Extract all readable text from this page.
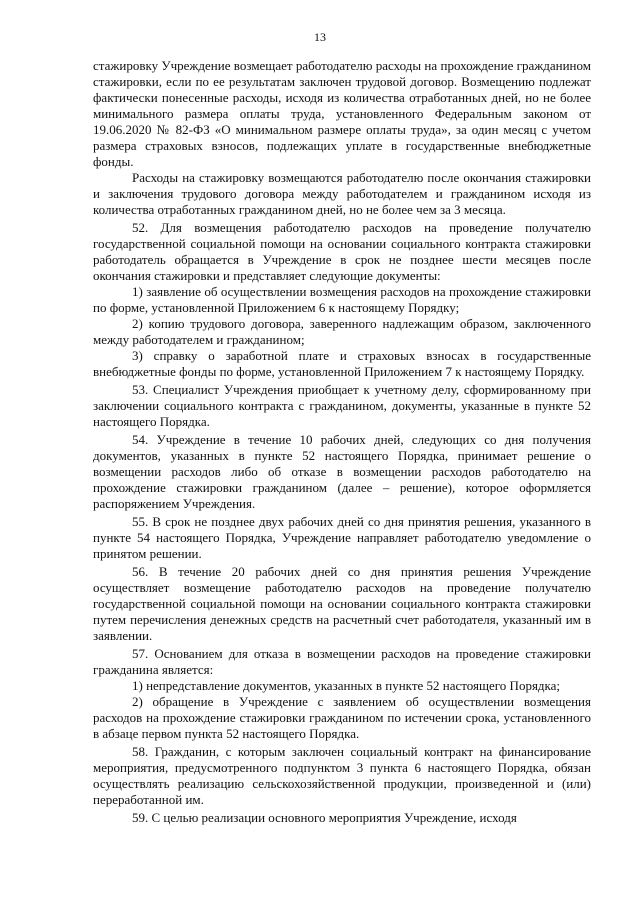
13

стажировку Учреждение возмещает работодателю расходы на прохождение гражданином стажировки, если по ее результатам заключен трудовой договор. Возмещению подлежат фактически понесенные расходы, исходя из количества отработанных дней, но не более минимального размера оплаты труда, установленного Федеральным законом от 19.06.2020 № 82-ФЗ «О минимальном размере оплаты труда», за один месяц с учетом размера страховых взносов, подлежащих уплате в государственные внебюджетные фонды.

Расходы на стажировку возмещаются работодателю после окончания стажировки и заключения трудового договора между работодателем и гражданином исходя из количества отработанных гражданином дней, но не более чем за 3 месяца.

52. Для возмещения работодателю расходов на проведение получателю государственной социальной помощи на основании социального контракта стажировки работодатель обращается в Учреждение в срок не позднее шести месяцев после окончания стажировки и представляет следующие документы:

1) заявление об осуществлении возмещения расходов на прохождение стажировки по форме, установленной Приложением 6 к настоящему Порядку;

2) копию трудового договора, заверенного надлежащим образом, заключенного между работодателем и гражданином;

3) справку о заработной плате и страховых взносах в государственные внебюджетные фонды по форме, установленной Приложением 7 к настоящему Порядку.

53. Специалист Учреждения приобщает к учетному делу, сформированному при заключении социального контракта с гражданином, документы, указанные в пункте 52 настоящего Порядка.

54. Учреждение в течение 10 рабочих дней, следующих со дня получения документов, указанных в пункте 52 настоящего Порядка, принимает решение о возмещении расходов либо об отказе в возмещении расходов работодателю на прохождение стажировки гражданином (далее – решение), которое оформляется распоряжением Учреждения.

55. В срок не позднее двух рабочих дней со дня принятия решения, указанного в пункте 54 настоящего Порядка, Учреждение направляет работодателю уведомление о принятом решении.

56. В течение 20 рабочих дней со дня принятия решения Учреждение осуществляет возмещение работодателю расходов на проведение получателю государственной социальной помощи на основании социального контракта стажировки путем перечисления денежных средств на расчетный счет работодателя, указанный им в заявлении.

57. Основанием для отказа в возмещении расходов на проведение стажировки гражданина является:

1) непредставление документов, указанных в пункте 52 настоящего Порядка;

2) обращение в Учреждение с заявлением об осуществлении возмещения расходов на прохождение стажировки гражданином по истечении срока, установленного в абзаце первом пункта 52 настоящего Порядка.

58. Гражданин, с которым заключен социальный контракт на финансирование мероприятия, предусмотренного подпунктом 3 пункта 6 настоящего Порядка, обязан осуществлять реализацию сельскохозяйственной продукции, произведенной и (или) переработанной им.

59. С целью реализации основного мероприятия Учреждение, исходя
